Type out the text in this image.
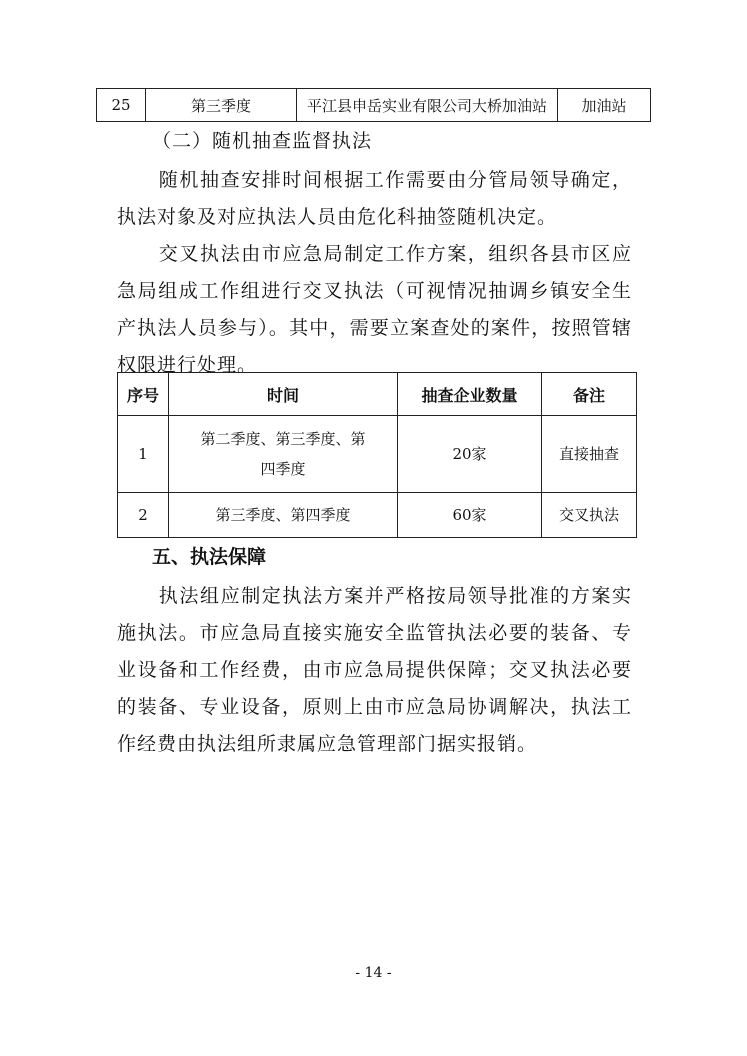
25	第三季度	平江县申岳实业有限公司大桥加油站	加油站

（二）随机抽查监督执法

随机抽查安排时间根据工作需要由分管局领导确定，执法对象及对应执法人员由危化科抽签随机决定。

交叉执法由市应急局制定工作方案，组织各县市区应急局组成工作组进行交叉执法（可视情况抽调乡镇安全生产执法人员参与）。其中，需要立案查处的案件，按照管辖权限进行处理。

序号	时间	抽查企业数量	备注
1	第二季度、第三季度、第四季度	20家	直接抽查
2	第三季度、第四季度	60家	交叉执法

五、执法保障

执法组应制定执法方案并严格按局领导批准的方案实施执法。市应急局直接实施安全监管执法必要的装备、专业设备和工作经费，由市应急局提供保障；交叉执法必要的装备、专业设备，原则上由市应急局协调解决，执法工作经费由执法组所隶属应急管理部门据实报销。

- 14 -
